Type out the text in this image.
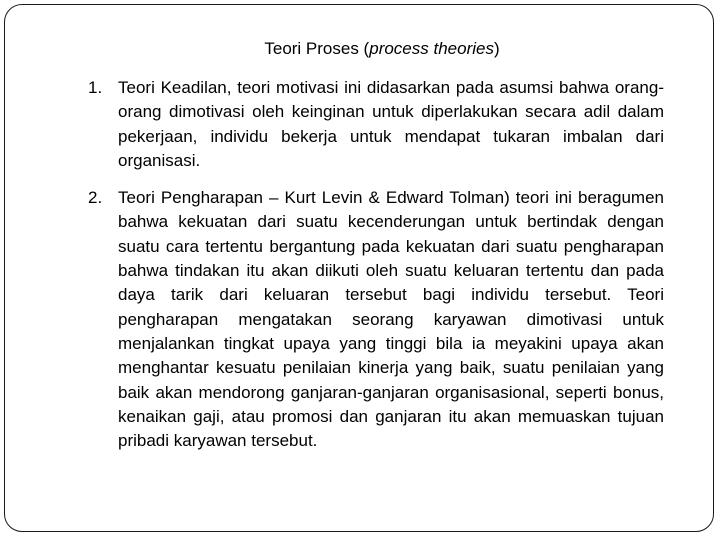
Teori Proses (process theories)
1. Teori Keadilan, teori motivasi ini didasarkan pada asumsi bahwa orang-orang dimotivasi oleh keinginan untuk diperlakukan secara adil dalam pekerjaan, individu bekerja untuk mendapat tukaran imbalan dari organisasi.
2. Teori Pengharapan – Kurt Levin & Edward Tolman) teori ini beragumen bahwa kekuatan dari suatu kecenderungan untuk bertindak dengan suatu cara tertentu bergantung pada kekuatan dari suatu pengharapan bahwa tindakan itu akan diikuti oleh suatu keluaran tertentu dan pada daya tarik dari keluaran tersebut bagi individu tersebut. Teori pengharapan mengatakan seorang karyawan dimotivasi untuk menjalankan tingkat upaya yang tinggi bila ia meyakini upaya akan menghantar kesuatu penilaian kinerja yang baik, suatu penilaian yang baik akan mendorong ganjaran-ganjaran organisasional, seperti bonus, kenaikan gaji, atau promosi dan ganjaran itu akan memuaskan tujuan pribadi karyawan tersebut.
